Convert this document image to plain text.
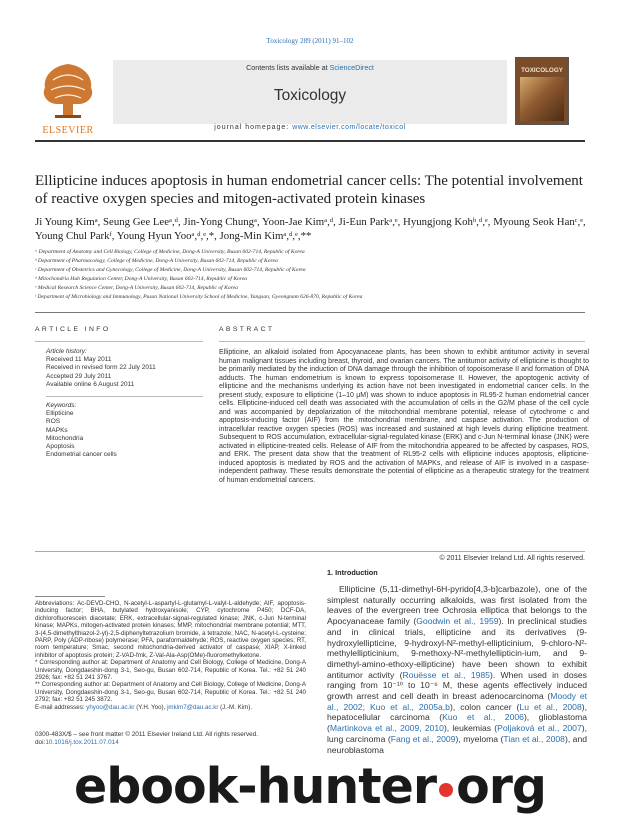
Toxicology 289 (2011) 91–102
ELSEVIER
Contents lists available at ScienceDirect
Toxicology
journal homepage: www.elsevier.com/locate/toxicol
TOXICOLOGY
Ellipticine induces apoptosis in human endometrial cancer cells: The potential involvement of reactive oxygen species and mitogen-activated protein kinases
Ji Young Kimᵃ, Seung Gee Leeᵃ,ᵈ, Jin-Yong Chungᵃ, Yoon-Jae Kimᵃ,ᵈ, Ji-Eun Parkᵃ,ᵉ, Hyungjong Kohᵇ,ᵈ,ᵉ, Myoung Seok Hanᶜ,ᵉ, Young Chul Parkᶠ, Young Hyun Yooᵃ,ᵈ,ᵉ,*, Jong-Min Kimᵃ,ᵈ,ᵉ,**
ᵃ Department of Anatomy and Cell Biology, College of Medicine, Dong-A University, Busan 602-714, Republic of Korea
ᵇ Department of Pharmacology, College of Medicine, Dong-A University, Busan 602-714, Republic of Korea
ᶜ Department of Obstetrics and Gynecology, College of Medicine, Dong-A University, Busan 602-714, Republic of Korea
ᵈ Mitochondria Hub Regulation Center, Dong-A University, Busan 602-714, Republic of Korea
ᵉ Medical Research Science Center, Dong-A University, Busan 602-714, Republic of Korea
ᶠ Department of Microbiology and Immunology, Pusan National University School of Medicine, Yangsan, Gyeongnam 626-870, Republic of Korea
ARTICLE INFO
Article history:
Received 11 May 2011
Received in revised form 22 July 2011
Accepted 29 July 2011
Available online 6 August 2011
Keywords:
Ellipticine
ROS
MAPKs
Mitochondria
Apoptosis
Endometrial cancer cells
ABSTRACT
Ellipticine, an alkaloid isolated from Apocyanaceae plants, has been shown to exhibit antitumor activity in several human malignant tissues including breast, thyroid, and ovarian cancers. The antitumor activity of ellipticine is thought to be primarily mediated by the induction of DNA damage through the inhibition of topoisomerase II and formation of DNA adducts. The human endometrium is known to express topoisomerase II. However, the apoptogenic activity of ellipticine and the mechanisms underlying its action have not been investigated in endometrial cancer cells. In the present study, exposure to ellipticine (1–10 μM) was shown to induce apoptosis in RL95-2 human endometrial cancer cells. Ellipticine-induced cell death was associated with the accumulation of cells in the G2/M phase of the cell cycle and was accompanied by depolarization of the mitochondrial membrane potential, release of cytochrome c and apoptosis-inducing factor (AIF) from the mitochondrial membrane, and caspase activation. The production of intracellular reactive oxygen species (ROS) was increased and sustained at high levels during ellipticine treatment. Subsequent to ROS accumulation, extracellular-signal-regulated kinase (ERK) and c-Jun N-terminal kinase (JNK) were activated in ellipticine-treated cells. Release of AIF from the mitochondria appeared to be affected by caspases, ROS, and ERK. The present data show that the treatment of RL95-2 cells with ellipticine induces apoptosis, ellipticine-induced apoptosis is mediated by ROS and the activation of MAPKs, and release of AIF is involved in a caspase-independent pathway. These results demonstrate the potential of ellipticine as a therapeutic strategy for the treatment of human endometrial cancers.
© 2011 Elsevier Ireland Ltd. All rights reserved.
1. Introduction
Ellipticine (5,11-dimethyl-6H-pyrido[4,3-b]carbazole), one of the simplest naturally occurring alkaloids, was first isolated from the leaves of the evergreen tree Ochrosia elliptica that belongs to the Apocyanaceae family (Goodwin et al., 1959). In preclinical studies and in clinical trials, ellipticine and its derivatives (9-hydroxylellipticine, 9-hydroxyl-N²-methyl-ellipticinium, 9-chloro-N²-methylellipticinium, 9-methoxy-N²-methylellipticin-ium, and 9-dimethyl-amino-ethoxy-ellipticine) have been shown to exhibit antitumor activity (Rouësse et al., 1985). When used in doses ranging from 10⁻¹⁰ to 10⁻⁶ M, these agents effectively induced growth arrest and cell death in breast adenocarcinoma (Moody et al., 2002; Kuo et al., 2005a,b), colon cancer (Lu et al., 2008), hepatocellular carcinoma (Kuo et al., 2006), glioblastoma (Martinkova et al., 2009, 2010), leukemias (Poljaková et al., 2007), lung carcinoma (Fang et al., 2009), myeloma (Tian et al., 2008), and neuroblastoma
Abbreviations: Ac-DEVD-CHO, N-acetyl-L-aspartyl-L-glutamyl-L-valyl-L-aldehyde; AIF, apoptosis-inducing factor; BHA, butylated hydroxyanisole; CYP, cytochrome P450; DCF-DA, dichlorofluorescein diacetate; ERK, extracellular-signal-regulated kinase; JNK, c-Jun N-terminal kinase; MAPKs, mitogen-activated protein kinases; MMP, mitochondrial membrane potential; MTT, 3-(4,5-dimethylthiazol-2-yl)-2,5-diphenyltetrazolium bromide, a tetrazole; NAC, N-acetyl-L-cysteine; PARP, Poly (ADP-ribose) polymerase; PFA, paraformaldehyde; ROS, reactive oxygen species; RT, room temperature; Smac, second mitochondria-derived activator of caspase; XIAP, X-linked inhibitor of apoptosis protein; Z-VAD-fmk, Z-Val-Ala-Asp(OMe)-fluoromethylketone.
* Corresponding author at: Department of Anatomy and Cell Biology, College of Medicine, Dong-A University, Dongdaeshin-dong 3-1, Seo-gu, Busan 602-714, Republic of Korea. Tel.: +82 51 240 2926; fax: +82 51 241 3767.
** Corresponding author at: Department of Anatomy and Cell Biology, College of Medicine, Dong-A University, Dongdaeshin-dong 3-1, Seo-gu, Busan 602-714, Republic of Korea. Tel.: +82 51 240 2792; fax: +82 51 245 3872.
E-mail addresses: yhyoo@dau.ac.kr (Y.H. Yoo), jmkim7@dau.ac.kr (J.-M. Kim).
0300-483X/$ – see front matter © 2011 Elsevier Ireland Ltd. All rights reserved.
doi:10.1016/j.tox.2011.07.014
ebook-hunter org
